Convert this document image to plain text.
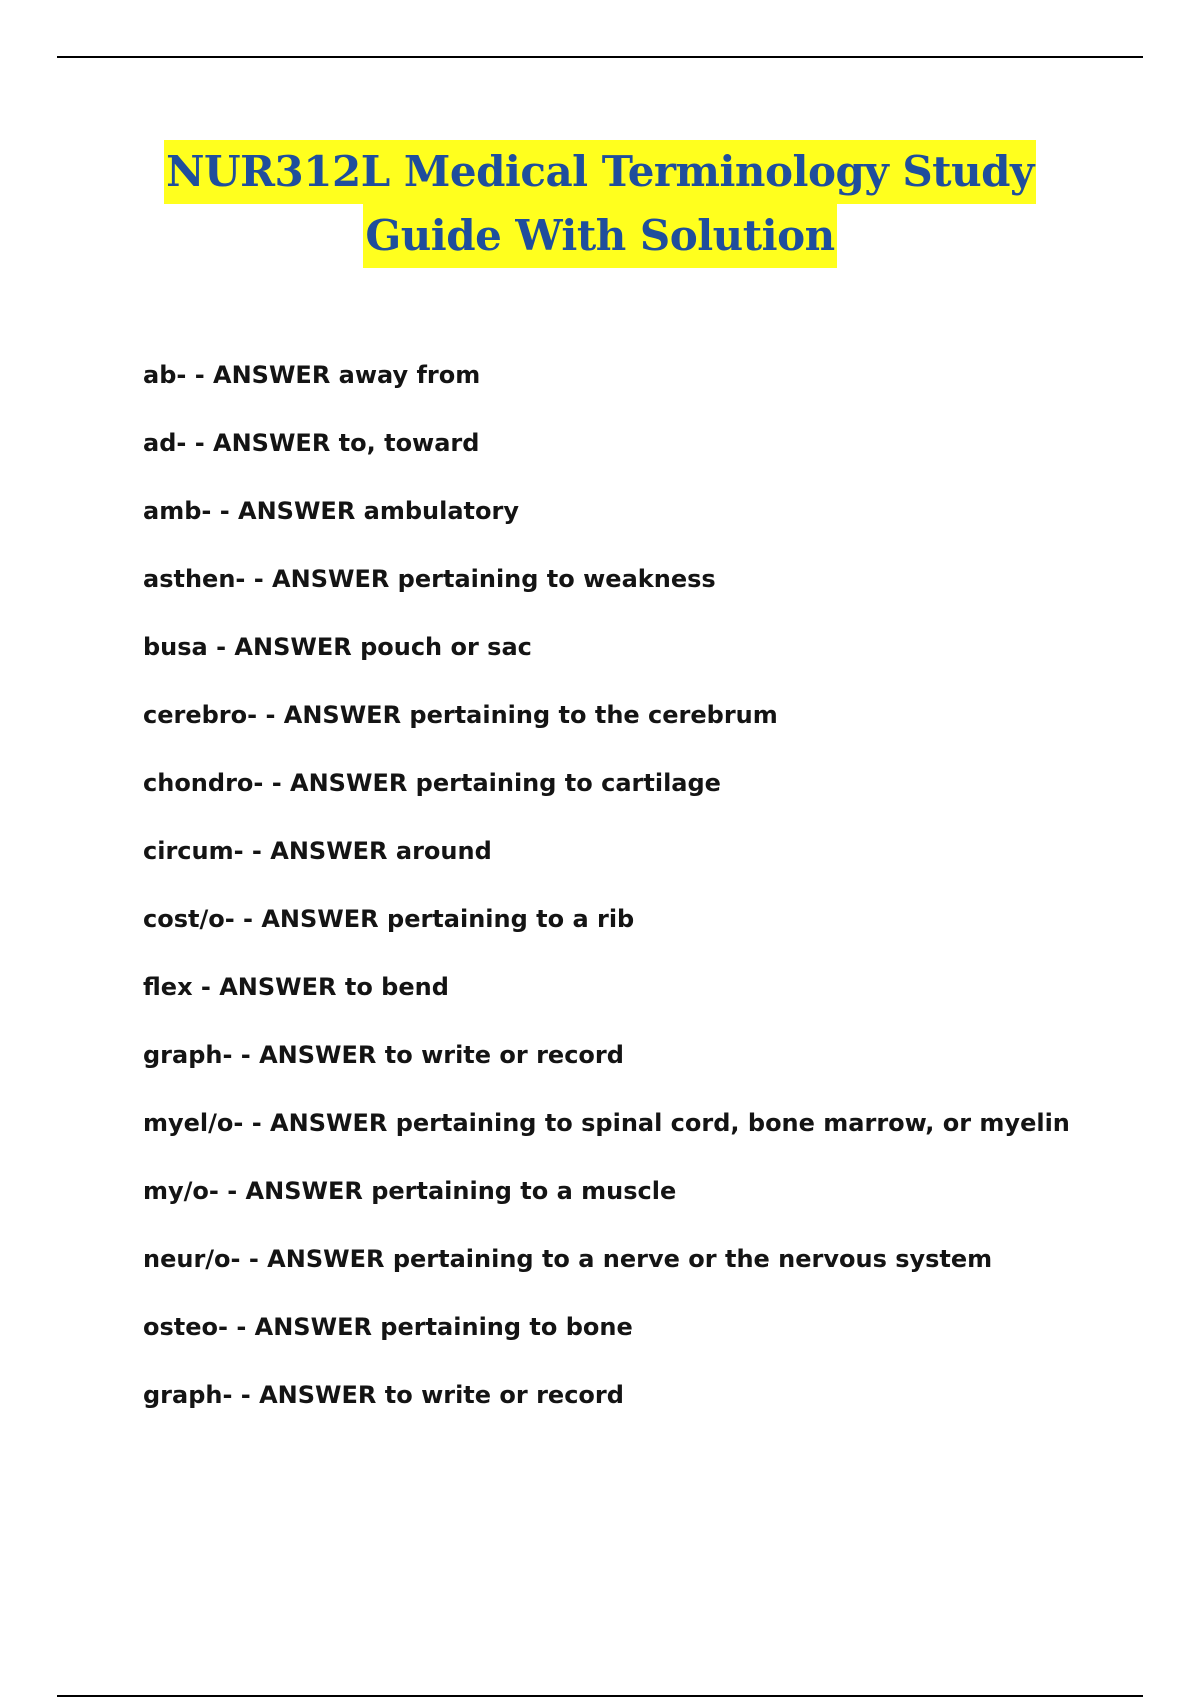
NUR312L Medical Terminology Study
Guide With Solution
ab- - ANSWER away from
ad- - ANSWER to, toward
amb- - ANSWER ambulatory
asthen- - ANSWER pertaining to weakness
busa - ANSWER pouch or sac
cerebro- - ANSWER pertaining to the cerebrum
chondro- - ANSWER pertaining to cartilage
circum- - ANSWER around
cost/o- - ANSWER pertaining to a rib
flex - ANSWER to bend
graph- - ANSWER to write or record
myel/o- - ANSWER pertaining to spinal cord, bone marrow, or myelin
my/o- - ANSWER pertaining to a muscle
neur/o- - ANSWER pertaining to a nerve or the nervous system
osteo- - ANSWER pertaining to bone
graph- - ANSWER to write or record
